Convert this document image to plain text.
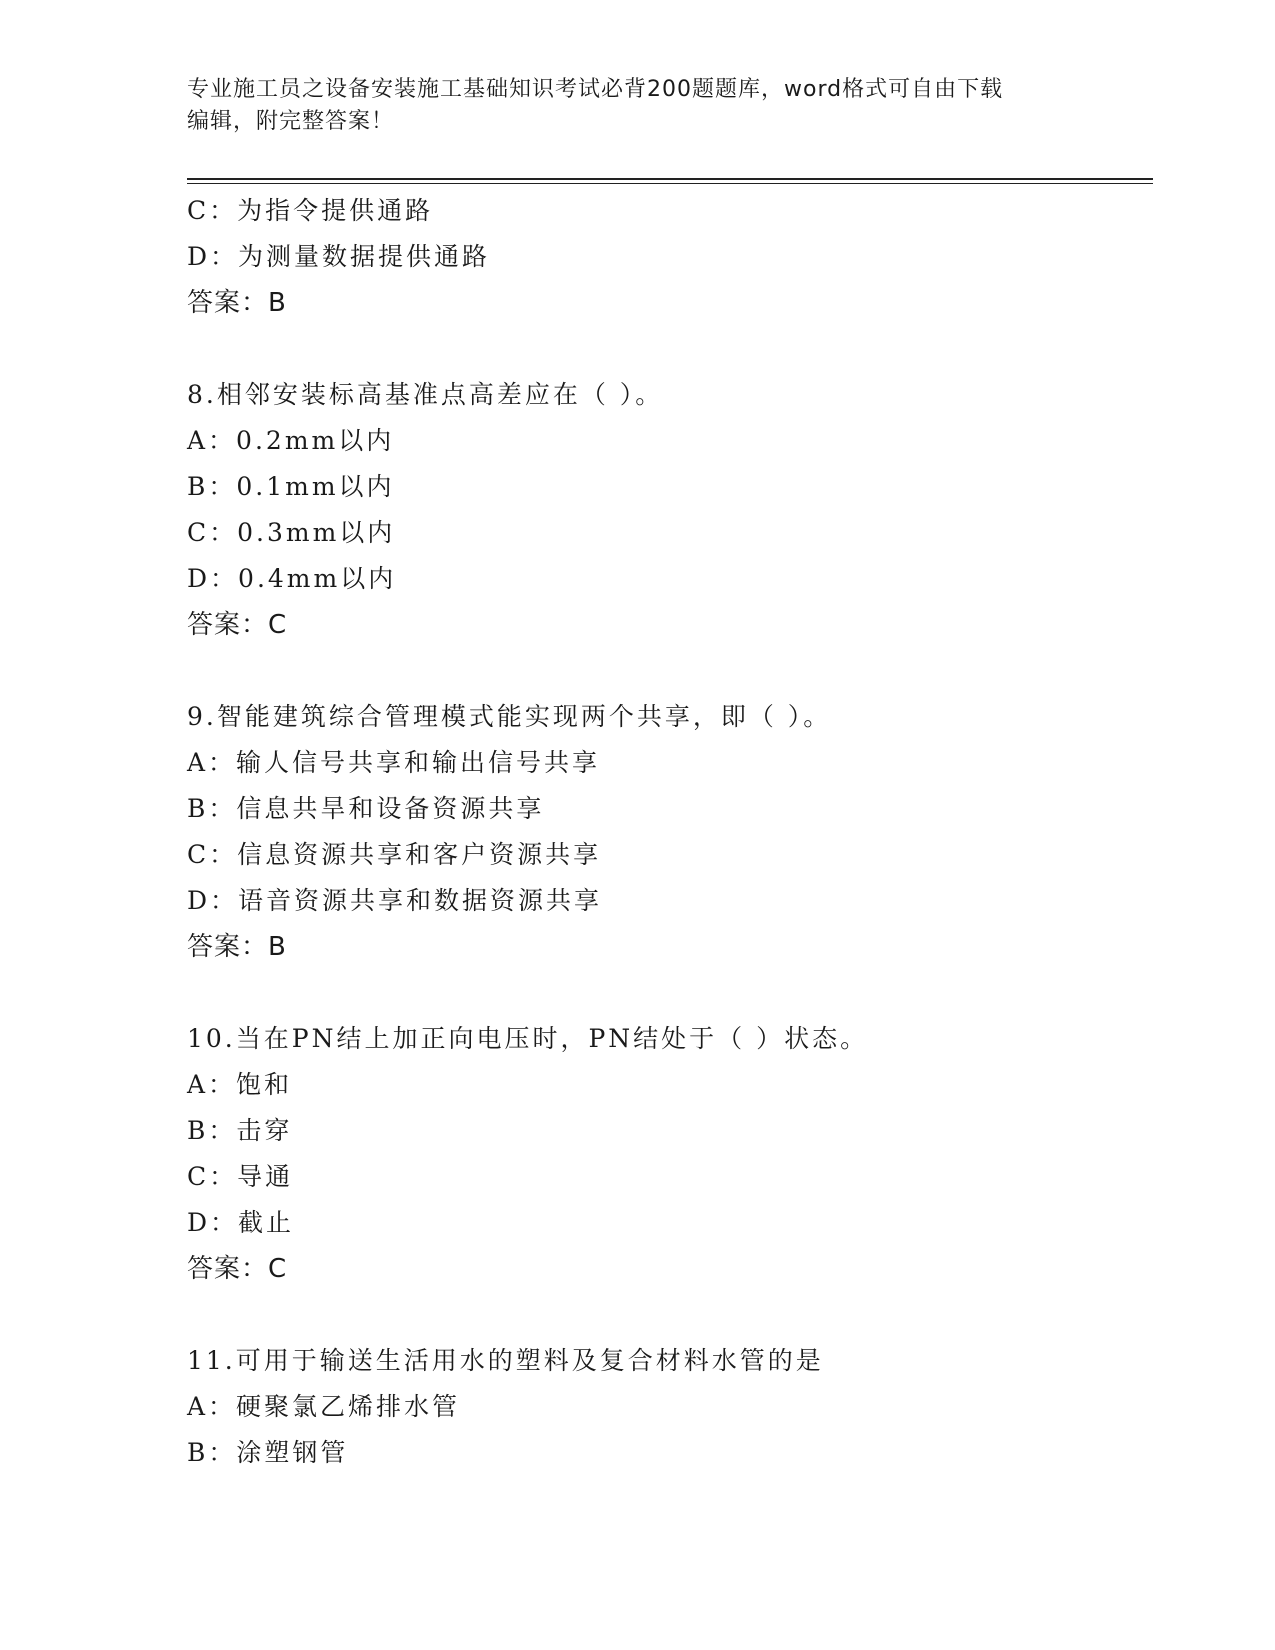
专业施工员之设备安装施工基础知识考试必背200题题库，word格式可自由下载
编辑，附完整答案！
C：为指令提供通路
D：为测量数据提供通路
答案：B
8.相邻安装标高基准点高差应在（ ）。
A：0.2mm以内
B：0.1mm以内
C：0.3mm以内
D：0.4mm以内
答案：C
9.智能建筑综合管理模式能实现两个共享，即（ ）。
A：输人信号共享和输出信号共享
B：信息共旱和设备资源共享
C：信息资源共享和客户资源共享
D：语音资源共享和数据资源共享
答案：B
10.当在PN结上加正向电压时，PN结处于（ ）状态。
A：饱和
B：击穿
C：导通
D：截止
答案：C
11.可用于输送生活用水的塑料及复合材料水管的是
A：硬聚氯乙烯排水管
B：涂塑钢管
